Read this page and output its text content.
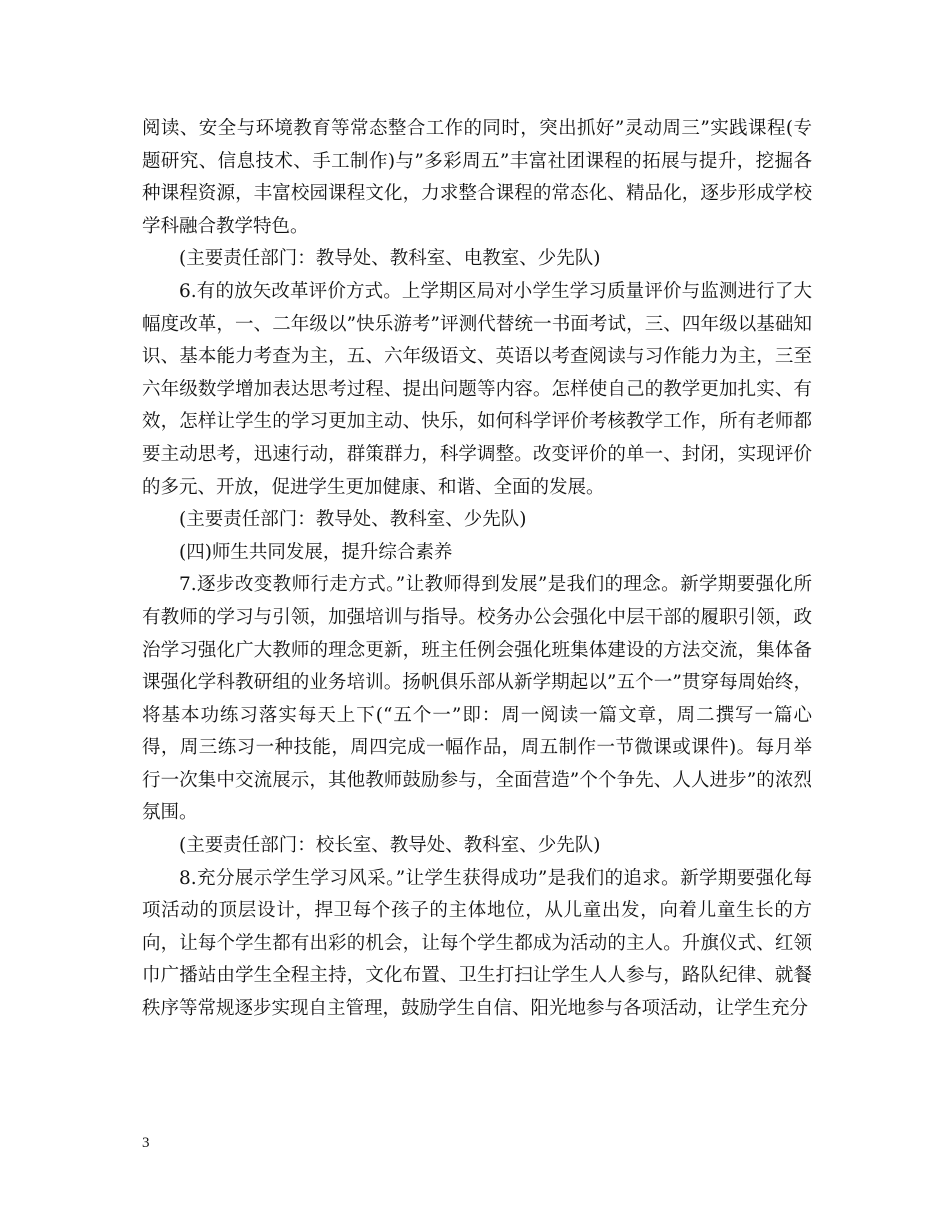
阅读、安全与环境教育等常态整合工作的同时，突出抓好”灵动周三”实践课程(专题研究、信息技术、手工制作)与”多彩周五”丰富社团课程的拓展与提升，挖掘各种课程资源，丰富校园课程文化，力求整合课程的常态化、精品化，逐步形成学校学科融合教学特色。

(主要责任部门：教导处、教科室、电教室、少先队)

6.有的放矢改革评价方式。上学期区局对小学生学习质量评价与监测进行了大幅度改革，一、二年级以”快乐游考”评测代替统一书面考试，三、四年级以基础知识、基本能力考查为主，五、六年级语文、英语以考查阅读与习作能力为主，三至六年级数学增加表达思考过程、提出问题等内容。怎样使自己的教学更加扎实、有效，怎样让学生的学习更加主动、快乐，如何科学评价考核教学工作，所有老师都要主动思考，迅速行动，群策群力，科学调整。改变评价的单一、封闭，实现评价的多元、开放，促进学生更加健康、和谐、全面的发展。

(主要责任部门：教导处、教科室、少先队)

(四)师生共同发展，提升综合素养

7.逐步改变教师行走方式。”让教师得到发展”是我们的理念。新学期要强化所有教师的学习与引领，加强培训与指导。校务办公会强化中层干部的履职引领，政治学习强化广大教师的理念更新，班主任例会强化班集体建设的方法交流，集体备课强化学科教研组的业务培训。扬帆俱乐部从新学期起以”五个一”贯穿每周始终，将基本功练习落实每天上下(“五个一”即：周一阅读一篇文章，周二撰写一篇心得，周三练习一种技能，周四完成一幅作品，周五制作一节微课或课件)。每月举行一次集中交流展示，其他教师鼓励参与，全面营造”个个争先、人人进步”的浓烈氛围。

(主要责任部门：校长室、教导处、教科室、少先队)

8.充分展示学生学习风采。”让学生获得成功”是我们的追求。新学期要强化每项活动的顶层设计，捍卫每个孩子的主体地位，从儿童出发，向着儿童生长的方向，让每个学生都有出彩的机会，让每个学生都成为活动的主人。升旗仪式、红领巾广播站由学生全程主持，文化布置、卫生打扫让学生人人参与，路队纪律、就餐秩序等常规逐步实现自主管理，鼓励学生自信、阳光地参与各项活动，让学生充分

3
